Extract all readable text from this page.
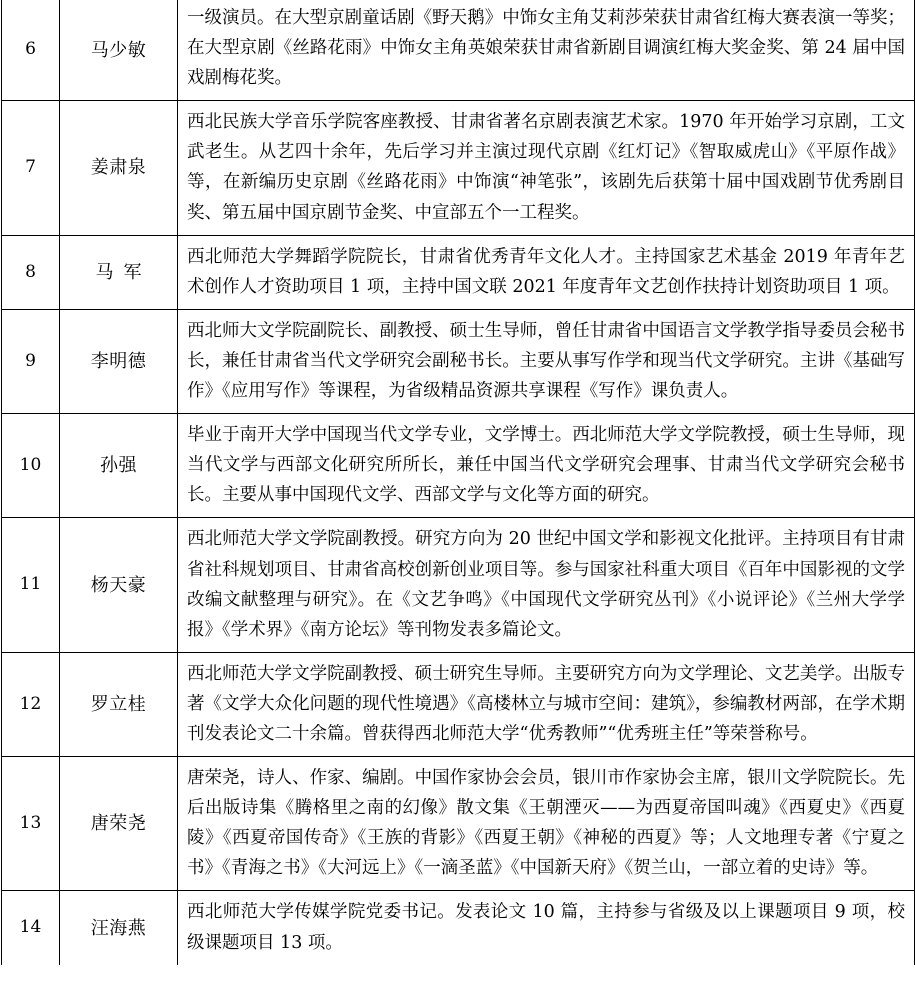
6	马少敏	一级演员。在大型京剧童话剧《野天鹅》中饰女主角艾莉莎荣获甘肃省红梅大赛表演一等奖；在大型京剧《丝路花雨》中饰女主角英娘荣获甘肃省新剧目调演红梅大奖金奖、第 24 届中国戏剧梅花奖。

7	姜肃泉	西北民族大学音乐学院客座教授、甘肃省著名京剧表演艺术家。1970 年开始学习京剧，工文武老生。从艺四十余年，先后学习并主演过现代京剧《红灯记》《智取威虎山》《平原作战》等，在新编历史京剧《丝路花雨》中饰演“神笔张”，该剧先后获第十届中国戏剧节优秀剧目奖、第五届中国京剧节金奖、中宣部五个一工程奖。

8	马军	西北师范大学舞蹈学院院长，甘肃省优秀青年文化人才。主持国家艺术基金 2019 年青年艺术创作人才资助项目 1 项，主持中国文联 2021 年度青年文艺创作扶持计划资助项目 1 项。

9	李明德	西北师大文学院副院长、副教授、硕士生导师，曾任甘肃省中国语言文学教学指导委员会秘书长，兼任甘肃省当代文学研究会副秘书长。主要从事写作学和现当代文学研究。主讲《基础写作》《应用写作》等课程，为省级精品资源共享课程《写作》课负责人。

10	孙强	毕业于南开大学中国现当代文学专业，文学博士。西北师范大学文学院教授，硕士生导师，现当代文学与西部文化研究所所长，兼任中国当代文学研究会理事、甘肃当代文学研究会秘书长。主要从事中国现代文学、西部文学与文化等方面的研究。

11	杨天豪	西北师范大学文学院副教授。研究方向为 20 世纪中国文学和影视文化批评。主持项目有甘肃省社科规划项目、甘肃省高校创新创业项目等。参与国家社科重大项目《百年中国影视的文学改编文献整理与研究》。在《文艺争鸣》《中国现代文学研究丛刊》《小说评论》《兰州大学学报》《学术界》《南方论坛》等刊物发表多篇论文。

12	罗立桂	西北师范大学文学院副教授、硕士研究生导师。主要研究方向为文学理论、文艺美学。出版专著《文学大众化问题的现代性境遇》《高楼林立与城市空间：建筑》，参编教材两部，在学术期刊发表论文二十余篇。曾获得西北师范大学“优秀教师”“优秀班主任”等荣誉称号。

13	唐荣尧	唐荣尧，诗人、作家、编剧。中国作家协会会员，银川市作家协会主席，银川文学院院长。先后出版诗集《腾格里之南的幻像》散文集《王朝湮灭——为西夏帝国叫魂》《西夏史》《西夏陵》《西夏帝国传奇》《王族的背影》《西夏王朝》《神秘的西夏》等；人文地理专著《宁夏之书》《青海之书》《大河远上》《一滴圣蓝》《中国新天府》《贺兰山，一部立着的史诗》等。

14	汪海燕	西北师范大学传媒学院党委书记。发表论文 10 篇，主持参与省级及以上课题项目 9 项，校级课题项目 13 项。
